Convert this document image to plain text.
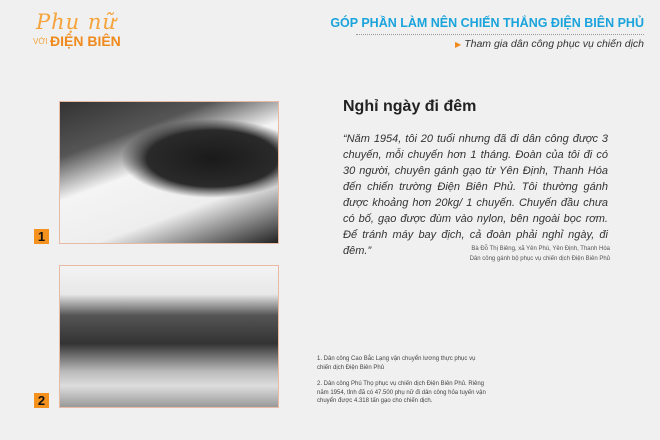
Phụ nữ
VỚI ĐIỆN BIÊN
GÓP PHẦN LÀM NÊN CHIẾN THẮNG ĐIỆN BIÊN PHỦ
▶ Tham gia dân công phục vụ chiến dịch
1
2
Nghỉ ngày đi đêm
“Năm 1954, tôi 20 tuổi nhưng đã đi dân công được 3 chuyến, mỗi chuyến hơn 1 tháng. Đoàn của tôi đi có 30 người, chuyên gánh gạo từ Yên Định, Thanh Hóa đến chiến trường Điện Biên Phủ. Tôi thường gánh được khoảng hơn 20kg/ 1 chuyến. Chuyến đầu chưa có bố, gạo được đùm vào nylon, bên ngoài bọc rơm. Để tránh máy bay địch, cả đoàn phải nghỉ ngày, đi đêm.”	Bà Đỗ Thị Biêng, xã Yên Phú, Yên Định, Thanh Hóa
Dân công gánh bộ phục vụ chiến dịch Điện Biên Phủ

1. Dân công Cao Bắc Lạng vận chuyển lương thực phục vụ chiến dịch Điện Biên Phủ

2. Dân công Phú Thọ phục vụ chiến dịch Điện Biên Phủ. Riêng năm 1954, tỉnh đã có 47.500 phụ nữ đi dân công hỏa tuyến vận chuyển được 4.318 tấn gạo cho chiến dịch.
